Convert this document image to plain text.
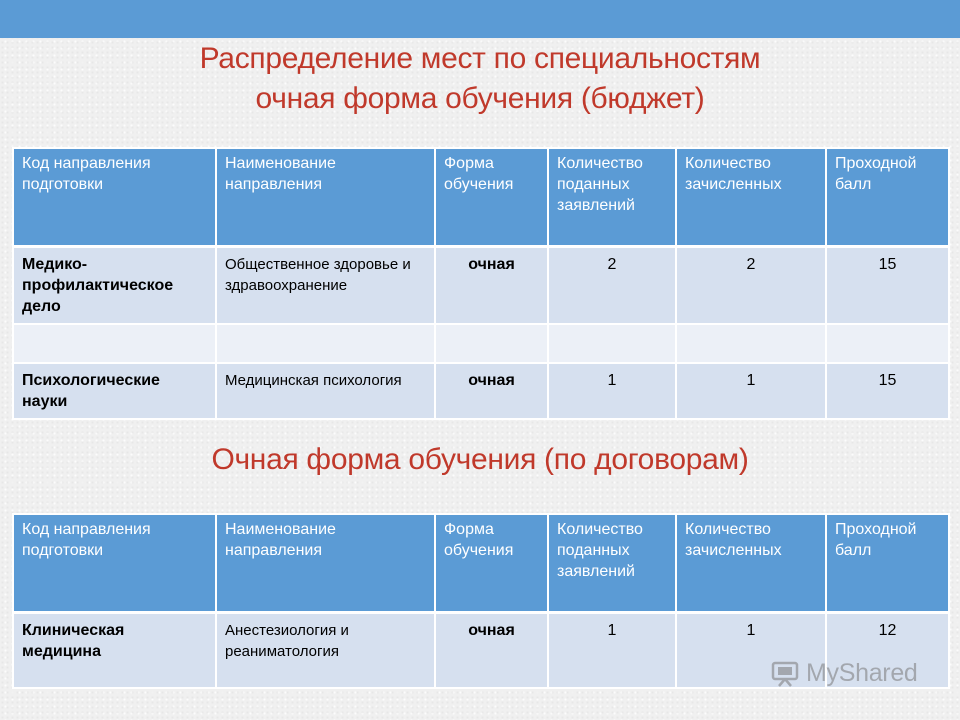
Распределение мест по специальностям
очная форма обучения (бюджет)
Код направления подготовки	Наименование направления	Форма обучения	Количество поданных заявлений	Количество зачисленных	Проходной балл
Медико-профилактическое дело	Общественное здоровье и здравоохранение	очная	2	2	15

Психологические науки	Медицинская психология	очная	1	1	15
Очная форма обучения (по договорам)
Код направления подготовки	Наименование направления	Форма обучения	Количество поданных заявлений	Количество зачисленных	Проходной балл
Клиническая медицина	Анестезиология и реаниматология	очная	1	1	12
MyShared
